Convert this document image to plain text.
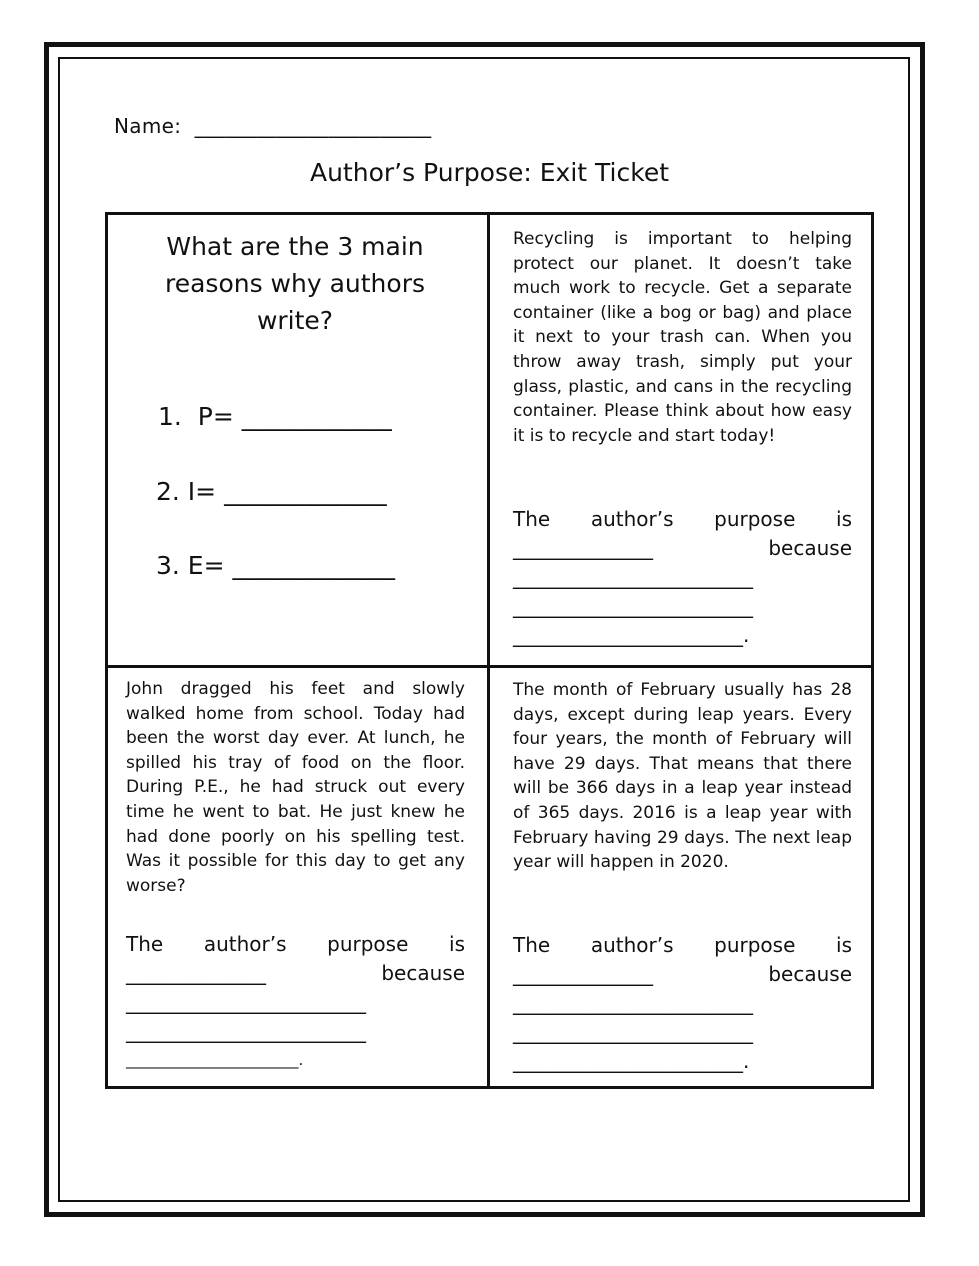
Name: _______________________
Author’s Purpose: Exit Ticket
What are the 3 main reasons why authors write?
1.  P= ____________
2. I= _____________
3. E= _____________
Recycling is important to helping protect our planet. It doesn’t take much work to recycle. Get a separate container (like a bog or bag) and place it next to your trash can. When you throw away trash, simply put your glass, plastic, and cans in the recycling container. Please think about how easy it is to recycle and start today!
The author’s purpose is
______________	because
________________________
________________________
_______________________.
John dragged his feet and slowly walked home from school. Today had been the worst day ever. At lunch, he spilled his tray of food on the floor. During P.E., he had struck out every time he went to bat. He just knew he had done poorly on his spelling test. Was it possible for this day to get any worse?
The author’s purpose is
______________	because
________________________
________________________
_______________________.
The month of February usually has 28 days, except during leap years. Every four years, the month of February will have 29 days. That means that there will be 366 days in a leap year instead of 365 days. 2016 is a leap year with February having 29 days. The next leap year will happen in 2020.
The author’s purpose is
______________	because
________________________
________________________
_______________________.
